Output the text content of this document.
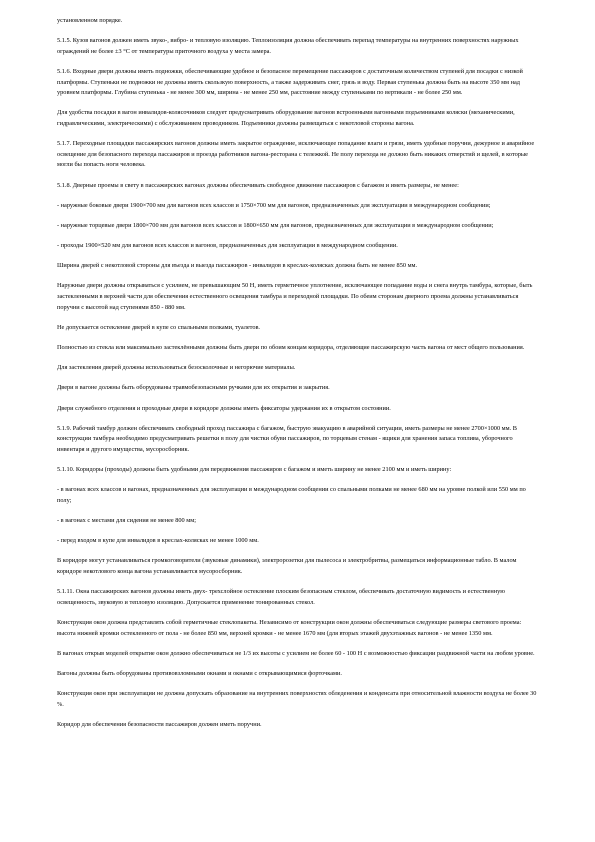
установленном порядке.

5.1.5. Кузов вагонов должен иметь звуко-, вибро- и тепловую изоляцию. Теплоизоляция должна обеспечивать перепад температуры на внутренних поверхностях наружных ограждений не более ±3 °С от температуры приточного воздуха у места замера.

5.1.6. Входные двери должны иметь подножки, обеспечивающие удобное и безопасное перемещение пассажиров с достаточным количеством ступеней для посадки с низкой платформы. Ступеньки не подножки не должны иметь скользкую поверхность, а также задерживать снег, грязь и воду. Первая ступенька должна быть на высоте 350 мм над уровнем платформы. Глубина ступенька - не менее 300 мм, ширина - не менее 250 мм, расстояние между ступеньками по вертикали - не более 250 мм.

Для удобства посадки в вагон инвалидов-колясочников следует предусматривать оборудование вагонов встроенными вагонными подъемниками коляски (механическими, гидравлическими, электрическими) с обслуживанием проводником. Подъемники должны размещаться с некотловой стороны вагона.

5.1.7. Переходные площадки пассажирских вагонов должны иметь закрытое ограждение, исключающее попадание влаги и грязи, иметь удобные поручни, дежурное и аварийное освещение для безопасного перехода пассажиров и проезда работников вагона-ресторана с тележкой. Не полу перехода не должно быть никаких отверстий и щелей, в которые могли бы попасть ноги человека.

5.1.8. Дверные проемы в свету в пассажирских вагонах должны обеспечивать свободное движение пассажиров с багажом и иметь размеры, не менее:

- наружные боковые двери 1900×700 мм для вагонов всех классов и 1750×700 мм для вагонов, предназначенных для эксплуатации в международном сообщении;

- наружные торцевые двери 1800×700 мм для вагонов всех классов и 1800×650 мм для вагонов, предназначенных для эксплуатации в международном сообщении;

- проходы 1900×520 мм для вагонов всех классов и вагонов, предназначенных для эксплуатации в международном сообщении.

Ширина дверей с некотловой стороны для въезда и выезда пассажиров - инвалидов в креслах-колясках должна быть не менее 850 мм.

Наружные двери должны открываться с усилием, не превышающим 50 Н, иметь герметичное уплотнение, исключающее попадание воды и снега внутрь тамбура, которые, быть застекленными в верхней части для обеспечения естественного освещения тамбура и переходной площадки. По обеим сторонам дверного проема должны устанавливаться поручни с высотой над ступенями 850 - 880 мм.

Не допускается остекление дверей в купе со спальными полками, туалетов.

Полностью из стекла или максимально застеклёнными должны быть двери по обоим концам коридора, отделяющие пассажирскую часть вагона от мест общего пользования.

Для застекления дверей должны использоваться безосколочные и негорючие материалы.

Двери в вагоне должны быть оборудованы травмобезопасными ручками для их открытия и закрытия.

Двери служебного отделения и проходные двери в коридоре должны иметь фиксаторы удержания их в открытом состоянии.

5.1.9. Рабочий тамбур должен обеспечивать свободный проход пассажира с багажом, быструю эвакуацию в аварийной ситуации, иметь размеры не менее 2700×1000 мм. В конструкции тамбура необходимо предусматривать решетки в полу для чистки обуви пассажиров, по торцевым стенам - ящики для хранения запаса топлива, уборочного инвентаря и другого имущества, мусоросборник.

5.1.10. Коридоры (проходы) должны быть удобными для передвижения пассажиров с багажом и иметь ширину не менее 2100 мм и иметь ширину:

- в вагонах всех классов и вагонах, предназначенных для эксплуатации в международном сообщении со спальными полками не менее 680 мм на уровне полкой или 550 мм по полу;

- в вагонах с местами для сидения не менее 800 мм;

- перед входом в купе для инвалидов в креслах-колясках не менее 1000 мм.

В коридоре могут устанавливаться громкоговорители (звуковые динамики), электророзетки для пылесоса и электробритвы, размещаться информационные табло. В малом коридоре некотлового конца вагона устанавливается мусоросборник.

5.1.11. Окна пассажирских вагонов должны иметь двух- трехслойное остекление плоским безопасным стеклом, обеспечивать достаточную видимость и естественную освещенность, звуковую и тепловую изоляцию. Допускается применение тонированных стекол.

Конструкция окон должна представлять собой герметичные стеклопакеты. Независимо от конструкции окон должны обеспечиваться следующие размеры светового проема: высота нижней кромки остекленного от пола - не более 850 мм, верхней кромки - не менее 1670 мм (для вторых этажей двухэтажных вагонов - не менее 1350 мм.

В вагонах открыв моделей открытие окон должно обеспечиваться не 1/3 их высоты с усилием не более 60 - 100 Н с возможностью фиксации раздвижной части на любом уровне.

Вагоны должны быть оборудованы противовзломными окнами и окнами с открывающимися форточками.

Конструкция окон при эксплуатации не должна допускать образование на внутренних поверхностях обледенения и конденсата при относительной влажности воздуха не более 30 %.

Коридор для обеспечения безопасности пассажиров должен иметь поручни.
